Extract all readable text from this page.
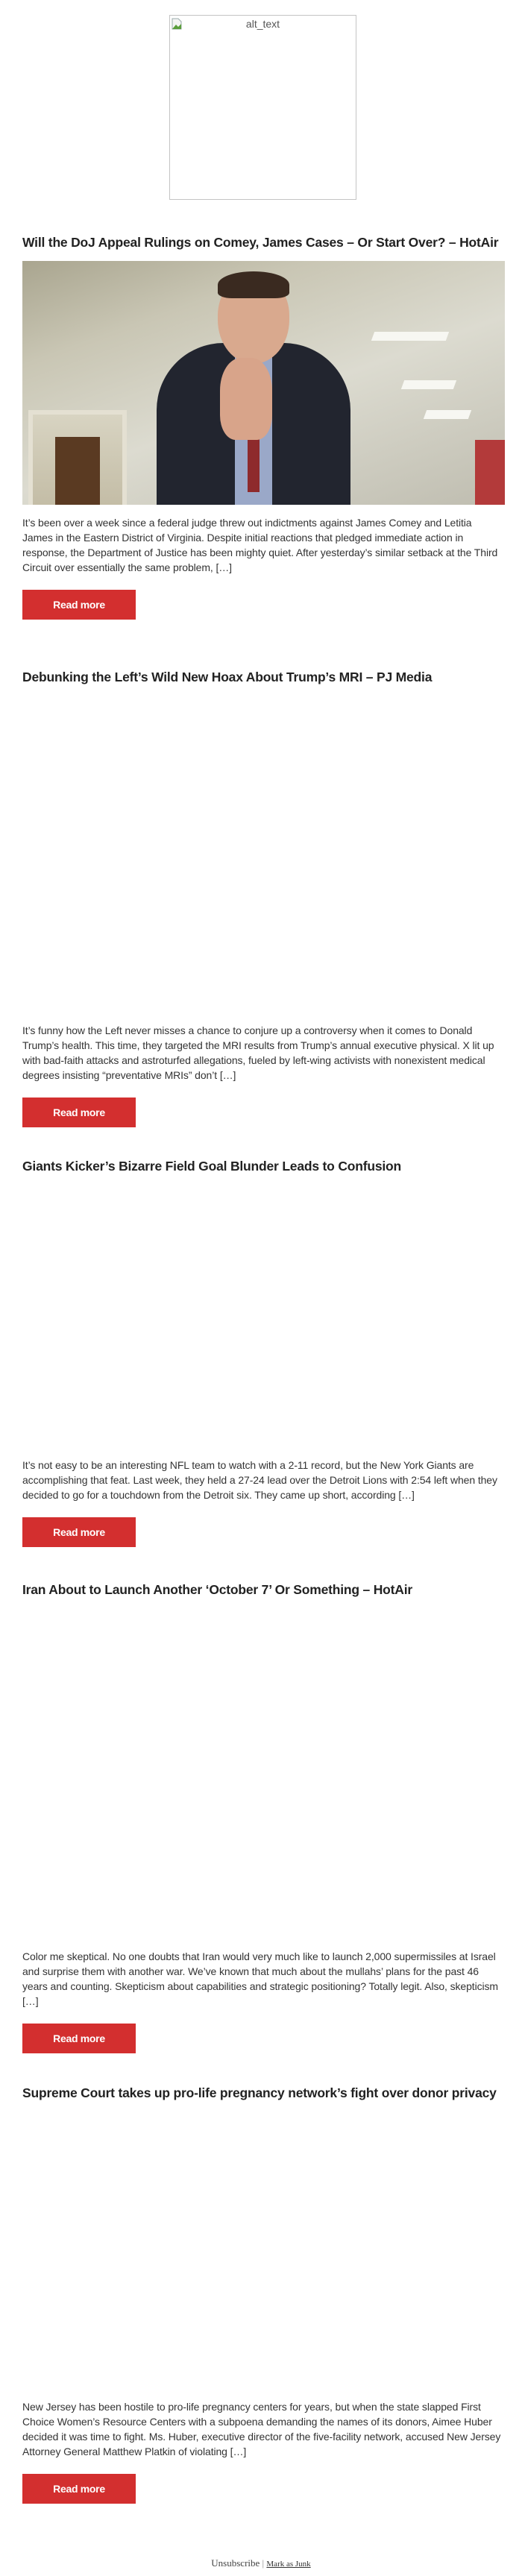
alt_text
Will the DoJ Appeal Rulings on Comey, James Cases – Or Start Over? – HotAir

It’s been over a week since a federal judge threw out indictments against James Comey and Letitia James in the Eastern District of Virginia. Despite initial reactions that pledged immediate action in response, the Department of Justice has been mighty quiet. After yesterday’s similar setback at the Third Circuit over essentially the same problem, […]

Read more
Debunking the Left’s Wild New Hoax About Trump’s MRI – PJ Media

It’s funny how the Left never misses a chance to conjure up a controversy when it comes to Donald Trump’s health. This time, they targeted the MRI results from Trump’s annual executive physical. X lit up with bad-faith attacks and astroturfed allegations, fueled by left-wing activists with nonexistent medical degrees insisting “preventative MRIs” don’t […]

Read more
Giants Kicker’s Bizarre Field Goal Blunder Leads to Confusion

It’s not easy to be an interesting NFL team to watch with a 2-11 record, but the New York Giants are accomplishing that feat. Last week, they held a 27-24 lead over the Detroit Lions with 2:54 left when they decided to go for a touchdown from the Detroit six. They came up short, according […]

Read more
Iran About to Launch Another ‘October 7’ Or Something – HotAir

Color me skeptical. No one doubts that Iran would very much like to launch 2,000 supermissiles at Israel and surprise them with another war. We’ve known that much about the mullahs’ plans for the past 46 years and counting. Skepticism about capabilities and strategic positioning? Totally legit. Also, skepticism […]

Read more
Supreme Court takes up pro-life pregnancy network’s fight over donor privacy

New Jersey has been hostile to pro-life pregnancy centers for years, but when the state slapped First Choice Women’s Resource Centers with a subpoena demanding the names of its donors, Aimee Huber decided it was time to fight. Ms. Huber, executive director of the five-facility network, accused New Jersey Attorney General Matthew Platkin of violating […]

Read more
Unsubscribe | Mark as Junk
